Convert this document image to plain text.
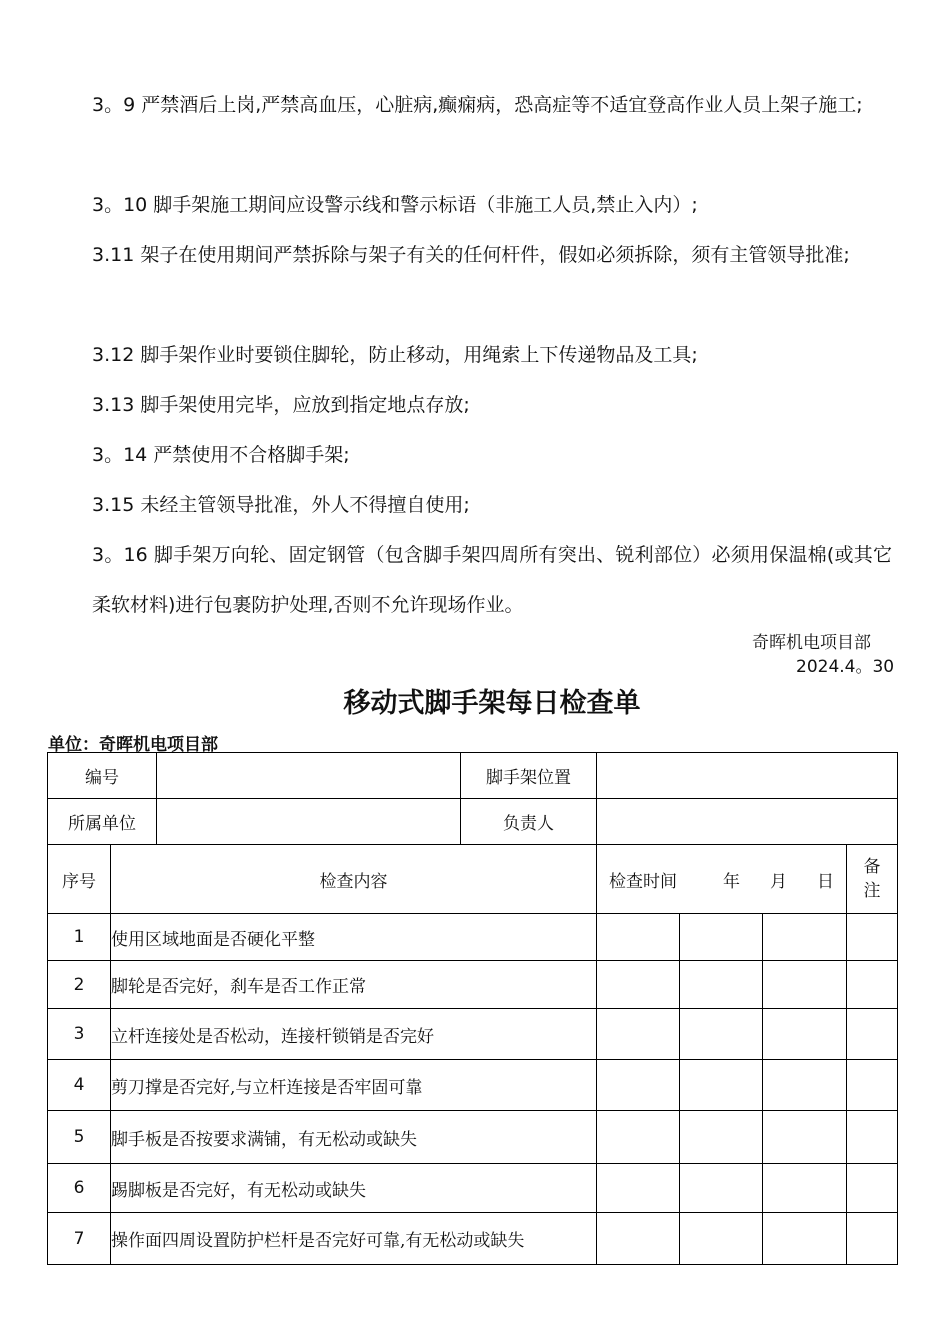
3。9 严禁酒后上岗,严禁高血压，心脏病,癫痫病，恐高症等不适宜登高作业人员上架子施工;

3。10 脚手架施工期间应设警示线和警示标语（非施工人员,禁止入内）;

3.11 架子在使用期间严禁拆除与架子有关的任何杆件，假如必须拆除，须有主管领导批准;

3.12 脚手架作业时要锁住脚轮，防止移动，用绳索上下传递物品及工具;

3.13 脚手架使用完毕，应放到指定地点存放;

3。14 严禁使用不合格脚手架;

3.15 未经主管领导批准，外人不得擅自使用;

3。16 脚手架万向轮、固定钢管（包含脚手架四周所有突出、锐利部位）必须用保温棉(或其它柔软材料)进行包裹防护处理,否则不允许现场作业。

奇晖机电项目部
2024.4。30
移动式脚手架每日检查单
单位：奇晖机电项目部
编号			脚手架位置				
所属单位			负责人				
序号	检查内容			检查时间 年 月 日			备
注
1	使用区域地面是否硬化平整						
2	脚轮是否完好，刹车是否工作正常						
3	立杆连接处是否松动，连接杆锁销是否完好						
4	剪刀撑是否完好,与立杆连接是否牢固可靠						
5	脚手板是否按要求满铺，有无松动或缺失						
6	踢脚板是否完好，有无松动或缺失						
7	操作面四周设置防护栏杆是否完好可靠,有无松动或缺失						
